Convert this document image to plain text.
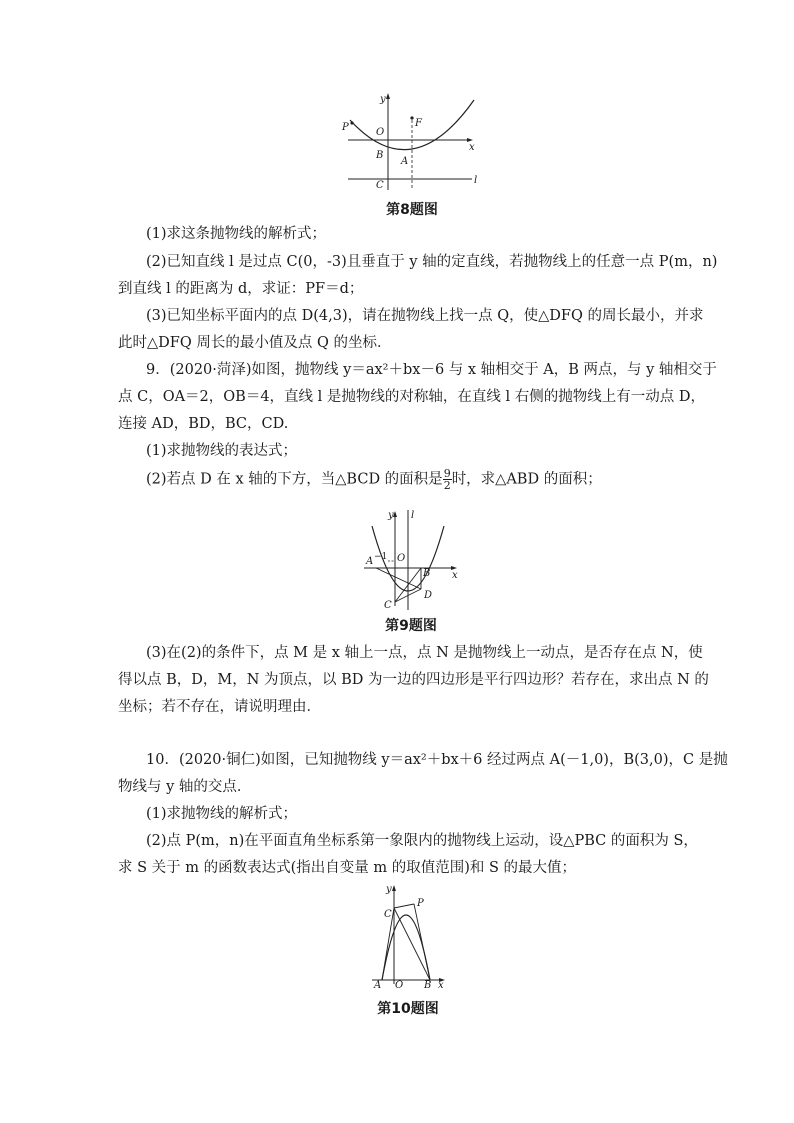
y
x
P	F
O
B
A
C	l
第8题图
(1)求这条抛物线的解析式；
(2)已知直线 l 是过点 C(0，-3)且垂直于 y 轴的定直线，若抛物线上的任意一点 P(m，n)
到直线 l 的距离为 d，求证：PF＝d；
(3)已知坐标平面内的点 D(4,3)，请在抛物线上找一点 Q，使△DFQ 的周长最小，并求
此时△DFQ 周长的最小值及点 Q 的坐标．
9．(2020·菏泽)如图，抛物线 y＝ax²＋bx－6 与 x 轴相交于 A，B 两点，与 y 轴相交于
点 C，OA＝2，OB＝4，直线 l 是抛物线的对称轴，在直线 l 右侧的抛物线上有一动点 D，
连接 AD，BD，BC，CD.
(1)求抛物线的表达式；
(2)若点 D 在 x 轴的下方，当△BCD 的面积是 $\frac{9}{2}$ 时，求△ABD 的面积；
y l
x
−1 O
A
B
C
D
第9题图
(3)在(2)的条件下，点 M 是 x 轴上一点，点 N 是抛物线上一动点，是否存在点 N，使
得以点 B，D，M，N 为顶点，以 BD 为一边的四边形是平行四边形？若存在，求出点 N 的
坐标；若不存在，请说明理由．
10．(2020·铜仁)如图，已知抛物线 y＝ax²＋bx＋6 经过两点 A(－1,0)，B(3,0)，C 是抛
物线与 y 轴的交点．
(1)求抛物线的解析式；
(2)点 P(m，n)在平面直角坐标系第一象限内的抛物线上运动，设△PBC 的面积为 S，
求 S 关于 m 的函数表达式(指出自变量 m 的取值范围)和 S 的最大值；
y
P
C
A O B x
第10题图
